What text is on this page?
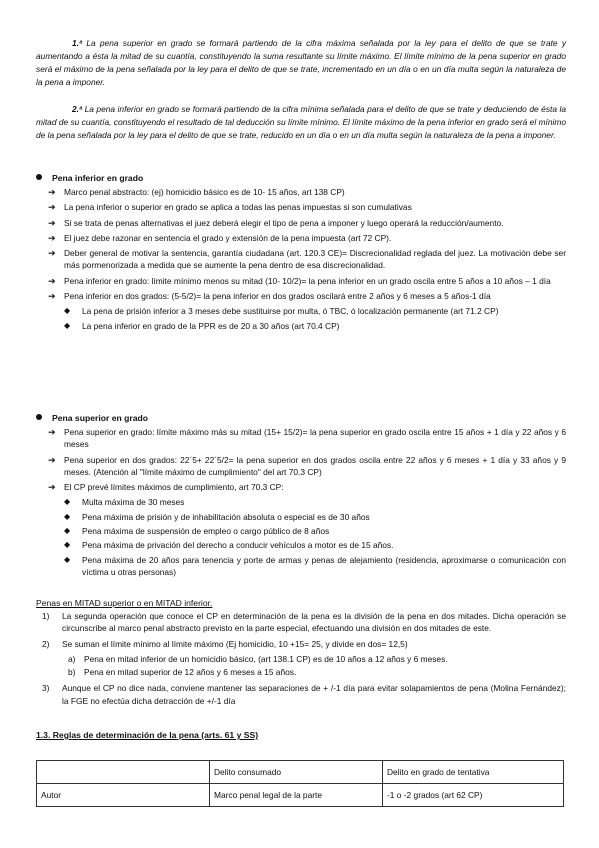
1.ª La pena superior en grado se formará partiendo de la cifra máxima señalada por la ley para el delito de que se trate y aumentando a ésta la mitad de su cuantía, constituyendo la suma resultante su límite máximo. El límite mínimo de la pena superior en grado será el máximo de la pena señalada por la ley para el delito de que se trate, incrementado en un día o en un día multa según la naturaleza de la pena a imponer.
2.ª La pena inferior en grado se formará partiendo de la cifra mínima señalada para el delito de que se trate y deduciendo de ésta la mitad de su cuantía, constituyendo el resultado de tal deducción su límite mínimo. El límite máximo de la pena inferior en grado será el mínimo de la pena señalada por la ley para el delito de que se trate, reducido en un día o en un día multa según la naturaleza de la pena a imponer.
Pena inferior en grado
➔	Marco penal abstracto: (ej) homicidio básico es de 10- 15 años, art 138 CP)
➔	La pena inferior o superior en grado se aplica a todas las penas impuestas si son cumulativas
➔	Si se trata de penas alternativas el juez deberá elegir el tipo de pena a imponer y luego operará la reducción/aumento.
➔	El juez debe razonar en sentencia el grado y extensión de la pena impuesta (art 72 CP).
➔	Deber general de motivar la sentencia, garantía ciudadana (art. 120.3 CE)= Discrecionalidad reglada del juez. La motivación debe ser más pormenorizada a medida que se aumente la pena dentro de esa discrecionalidad.
➔	Pena inferior en grado: límite mínimo menos su mitad (10- 10/2)= la pena inferior en un grado oscila entre 5 años a 10 años – 1 día
➔	Pena inferior en dos grados: (5-5/2)= la pena inferior en dos grados oscilará entre 2 años y 6 meses a 5 años-1 día
◆	La pena de prisión inferior a 3 meses debe sustituirse por multa, ó TBC, ó localización permanente (art 71.2 CP)
◆	La pena inferior en grado de la PPR es de 20 a 30 años (art 70.4 CP)
Pena superior en grado
➔	Pena superior en grado: límite máximo más su mitad (15+ 15/2)= la pena superior en grado oscila entre 15 años + 1 día y 22 años y 6 meses
➔	Pena superior en dos grados: 22´5+ 22´5/2= la pena superior en dos grados oscila entre 22 años y 6 meses + 1 día y 33 años y 9 meses. (Atención al "límite máximo de cumplimiento" del art 70.3 CP)
➔	El CP prevé límites máximos de cumplimiento, art 70.3 CP:
◆	Multa máxima de 30 meses
◆	Pena máxima de prisión y de inhabilitación absoluta o especial es de 30 años
◆	Pena máxima de suspensión de empleo o cargo público de 8 años
◆	Pena máxima de privación del derecho a conducir vehículos a motor es de 15 años.
◆	Pena máxima de 20 años para tenencia y porte de armas y penas de alejamiento (residencia, aproximarse o comunicación con víctima u otras personas)
Penas en MITAD superior o en MITAD inferior.
1)	La segunda operación que conoce el CP en determinación de la pena es la división de la pena en dos mitades. Dicha operación se circunscribe al marco penal abstracto previsto en la parte especial, efectuando una división en dos mitades de este.
2)	Se suman el límite mínimo al límite máximo (Ej homicidio, 10 +15= 25, y divide en dos= 12,5)
a)	Pena en mitad inferior de un homicidio básico, (art 138.1 CP) es de 10 años a 12 años y 6 meses.
b)	Pena en mitad superior de 12 años y 6 meses a 15 años.
3)	Aunque el CP no dice nada, conviene mantener las separaciones de + /-1 día para evitar solapamientos de pena (Molina Fernández); la FGE no efectúa dicha detracción de +/-1 día
1.3. Reglas de determinación de la pena (arts. 61 y SS)
	Delito consumado	Delito en grado de tentativa
Autor	Marco penal legal de la parte	-1 o -2 grados (art 62 CP)
